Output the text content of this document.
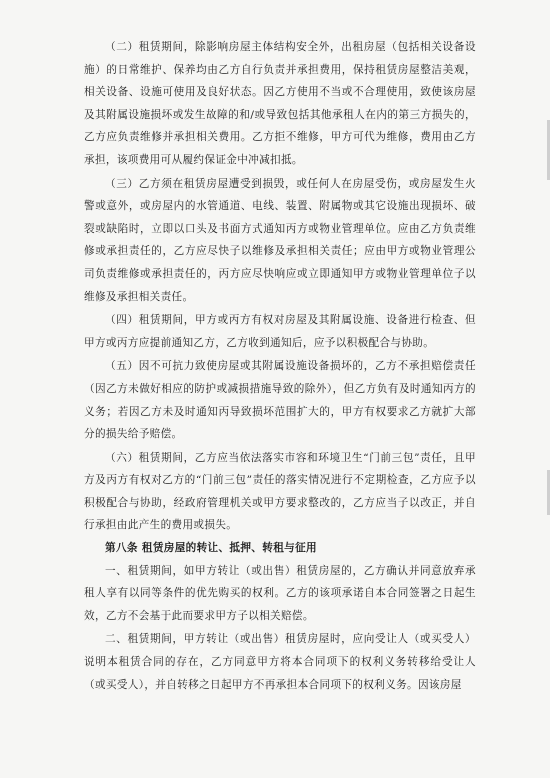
（二）租赁期间，除影响房屋主体结构安全外，出租房屋（包括相关设备设施）的日常维护、保养均由乙方自行负责并承担费用，保持租赁房屋整洁美观，相关设备、设施可使用及良好状态。因乙方使用不当或不合理使用，致使该房屋及其附属设施损坏或发生故障的和/或导致包括其他承租人在内的第三方损失的，乙方应负责维修并承担相关费用。乙方拒不维修，甲方可代为维修，费用由乙方承担，该项费用可从履约保证金中冲减扣抵。

（三）乙方须在租赁房屋遭受到损毁，或任何人在房屋受伤，或房屋发生火警或意外，或房屋内的水管通道、电线、装置、附属物或其它设施出现损坏、破裂或缺陷时，立即以口头及书面方式通知丙方或物业管理单位。应由乙方负责维修或承担责任的，乙方应尽快子以维修及承担相关责任；应由甲方或物业管理公司负责维修或承担责任的，丙方应尽快响应或立即通知甲方或物业管理单位子以维修及承担相关责任。

（四）租赁期间，甲方或丙方有权对房屋及其附属设施、设备进行检查、但甲方或丙方应提前通知乙方，乙方收到通知后，应予以积极配合与协助。

（五）因不可抗力致使房屋或其附属设施设备损坏的，乙方不承担赔偿责任（因乙方未做好相应的防护或减损措施导致的除外），但乙方负有及时通知丙方的义务；若因乙方未及时通知丙导致损坏范围扩大的，甲方有权要求乙方就扩大部分的损失给予赔偿。

（六）租赁期间，乙方应当依法落实市容和环境卫生“门前三包”责任，且甲方及丙方有权对乙方的“门前三包”责任的落实情况进行不定期检查，乙方应予以积极配合与协助，经政府管理机关或甲方要求整改的，乙方应当子以改正，并自行承担由此产生的费用或损失。

第八条 租赁房屋的转让、抵押、转租与征用

一、租赁期间，如甲方转让（或出售）租赁房屋的，乙方确认并同意放弃承租人享有以同等条件的优先购买的权利。乙方的该项承诺自本合同签署之日起生效，乙方不会基于此而要求甲方子以相关赔偿。

二、租赁期间，甲方转让（或出售）租赁房屋时，应向受让人（或买受人）说明本租赁合同的存在，乙方同意甲方将本合同项下的权利义务转移给受让人（或买受人），并自转移之日起甲方不再承担本合同项下的权利义务。因该房屋
